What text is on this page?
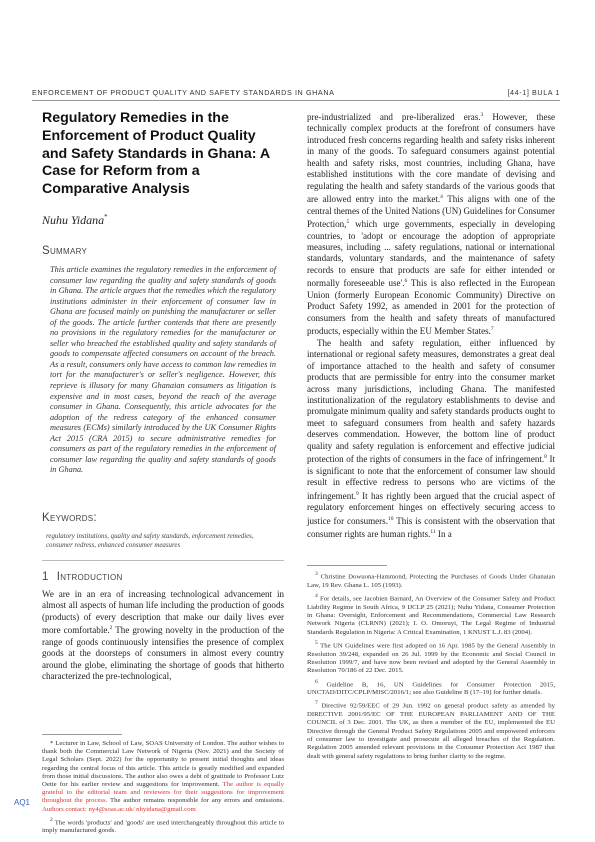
ENFORCEMENT OF PRODUCT QUALITY AND SAFETY STANDARDS IN GHANA	[44-1] BULA 1
Regulatory Remedies in the Enforcement of Product Quality and Safety Standards in Ghana: A Case for Reform from a Comparative Analysis
Nuhu Yidana*
Summary

This article examines the regulatory remedies in the enforcement of consumer law regarding the quality and safety standards of goods in Ghana. The article argues that the remedies which the regulatory institutions administer in their enforcement of consumer law in Ghana are focused mainly on punishing the manufacturer or seller of the goods. The article further contends that there are presently no provisions in the regulatory remedies for the manufacturer or seller who breached the established quality and safety standards of goods to compensate affected consumers on account of the breach. As a result, consumers only have access to common law remedies in tort for the manufacturer's or seller's negligence. However, this reprieve is illusory for many Ghanaian consumers as litigation is expensive and in most cases, beyond the reach of the average consumer in Ghana. Consequently, this article advocates for the adoption of the redress category of the enhanced consumer measures (ECMs) similarly introduced by the UK Consumer Rights Act 2015 (CRA 2015) to secure administrative remedies for consumers as part of the regulatory remedies in the enforcement of consumer law regarding the quality and safety standards of goods in Ghana.

Keywords:
regulatory institutions, quality and safety standards, enforcement remedies, consumer redress, enhanced consumer measures
1 Introduction

We are in an era of increasing technological advancement in almost all aspects of human life including the production of goods (products) of every description that make our daily lives ever more comfortable.$^2$ The growing novelty in the production of the range of goods continuously intensifies the presence of complex goods at the doorsteps of consumers in almost every country around the globe, eliminating the shortage of goods that hitherto characterized the pre-technological,

pre-industrialized and pre-liberalized eras.$^3$ However, these technically complex products at the forefront of consumers have introduced fresh concerns regarding health and safety risks inherent in many of the goods. To safeguard consumers against potential health and safety risks, most countries, including Ghana, have established institutions with the core mandate of devising and regulating the health and safety standards of the various goods that are allowed entry into the market.$^4$ This aligns with one of the central themes of the United Nations (UN) Guidelines for Consumer Protection,$^5$ which urge governments, especially in developing countries, to 'adopt or encourage the adoption of appropriate measures, including ... safety regulations, national or international standards, voluntary standards, and the maintenance of safety records to ensure that products are safe for either intended or normally foreseeable use'.$^6$ This is also reflected in the European Union (formerly European Economic Community) Directive on Product Safety 1992, as amended in 2001 for the protection of consumers from the health and safety threats of manufactured products, especially within the EU Member States.$^7$

The health and safety regulation, either influenced by international or regional safety measures, demonstrates a great deal of importance attached to the health and safety of consumer products that are permissible for entry into the consumer market across many jurisdictions, including Ghana. The manifested institutionalization of the regulatory establishments to devise and promulgate minimum quality and safety standards products ought to meet to safeguard consumers from health and safety hazards deserves commendation. However, the bottom line of product quality and safety regulation is enforcement and effective judicial protection of the rights of consumers in the face of infringement.$^8$ It is significant to note that the enforcement of consumer law should result in effective redress to persons who are victims of the infringement.$^9$ It has rightly been argued that the crucial aspect of regulatory enforcement hinges on effectively securing access to justice for consumers.$^{10}$ This is consistent with the observation that consumer rights are human rights.$^{11}$ In a

* Lecturer in Law, School of Law, SOAS University of London. The author wishes to thank both the Commercial Law Network of Nigeria (Nov. 2021) and the Society of Legal Scholars (Sept. 2022) for the opportunity to present initial thoughts and ideas regarding the central focus of this article. This article is greatly modified and expanded from those initial discussions. The author also owes a debt of gratitude to Professor Lutz Oette for his earlier review and suggestions for improvement. The author is equally grateful to the editorial team and reviewers for their suggestions for improvement throughout the process. The author remains responsible for any errors and omissions. Authors contact: ny4@soas.ac.uk/ nhyidana@gmail.com

$^2$ The words 'products' and 'goods' are used interchangeably throughout this article to imply manufactured goods.

AQ1

$^3$ Christine Dowuona-Hammond, Protecting the Purchases of Goods Under Ghanaian Law, 19 Rev. Ghana L. 105 (1993).

$^4$ For details, see Jacobien Barnard, An Overview of the Consumer Safety and Product Liability Regime in South Africa, 9 IJCLP 25 (2021); Nuhu Yidana, Consumer Protection in Ghana: Oversight, Enforcement and Recommendations, Commercial Law Research Network Nigeria (CLRNN) (2021); I. O. Omoruyi, The Legal Regime of Industrial Standards Regulation in Nigeria: A Critical Examination, 1 KNUST L.J. 83 (2004).

$^5$ The UN Guidelines were first adopted on 16 Apr. 1985 by the General Assembly in Resolution 39/248, expanded on 26 Jul. 1999 by the Economic and Social Council in Resolution 1999/7, and have now been revised and adopted by the General Assembly in Resolution 70/186 of 22 Dec. 2015.

$^6$ Guideline B, 16, UN Guidelines for Consumer Protection 2015, UNCTAD/DITC/CPLP/MISC/2016/1; see also Guideline B (17–19) for further details.

$^7$ Directive 92/59/EEC of 29 Jun. 1992 on general product safety as amended by DIRECTIVE 2001/95/EC OF THE EUROPEAN PARLIAMENT AND OF THE COUNCIL of 3 Dec. 2001. The UK, as then a member of the EU, implemented the EU Directive through the General Product Safety Regulations 2005 and empowered enforcers of consumer law to investigate and prosecute all alleged breaches of the Regulation. Regulation 2005 amended relevant provisions in the Consumer Protection Act 1987 that dealt with general safety regulations to bring further clarity to the regime.
